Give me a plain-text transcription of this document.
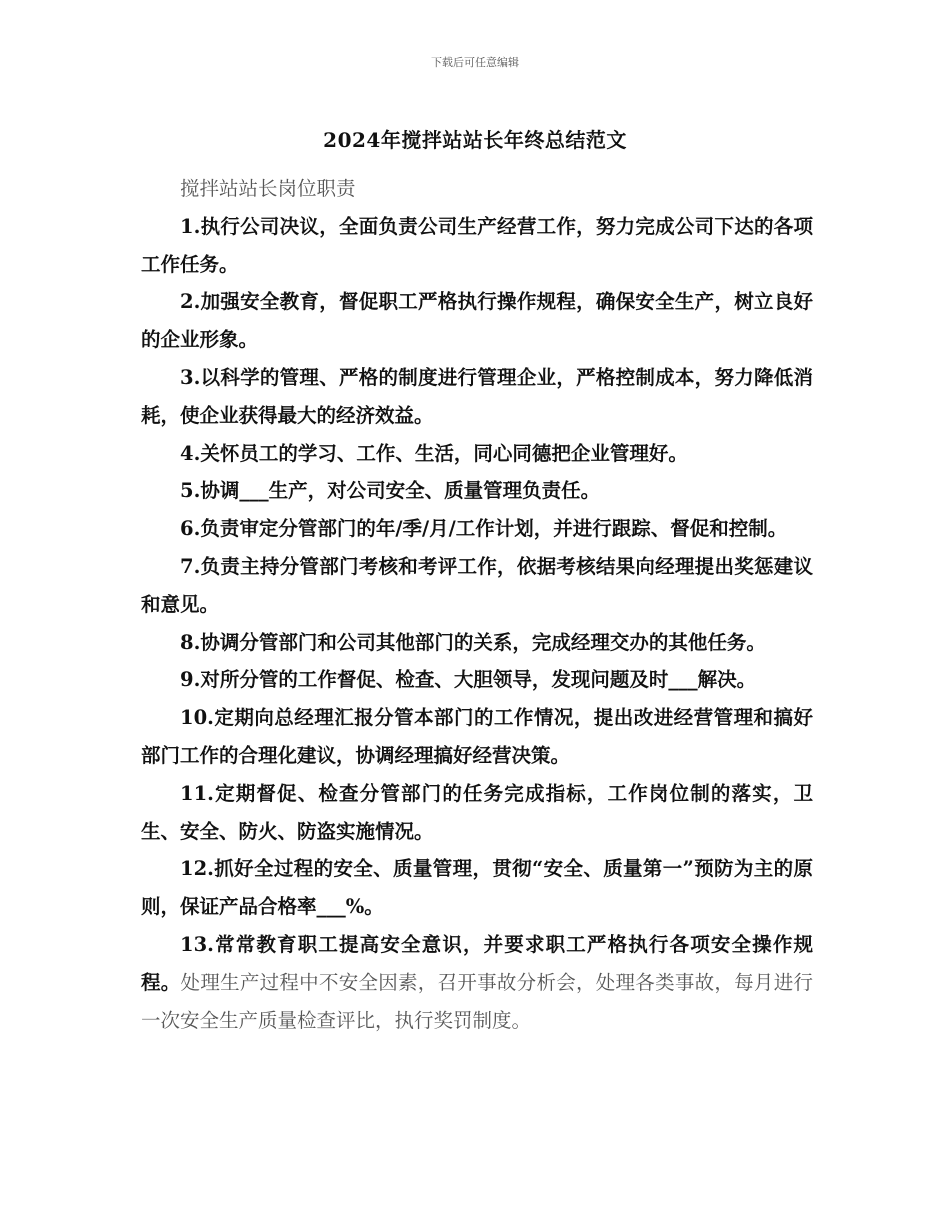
下载后可任意编辑
2024年搅拌站站长年终总结范文

搅拌站站长岗位职责

1.执行公司决议，全面负责公司生产经营工作，努力完成公司下达的各项工作任务。

2.加强安全教育，督促职工严格执行操作规程，确保安全生产，树立良好的企业形象。

3.以科学的管理、严格的制度进行管理企业，严格控制成本，努力降低消耗，使企业获得最大的经济效益。

4.关怀员工的学习、工作、生活，同心同德把企业管理好。

5.协调___生产，对公司安全、质量管理负责任。

6.负责审定分管部门的年/季/月/工作计划，并进行跟踪、督促和控制。

7.负责主持分管部门考核和考评工作，依据考核结果向经理提出奖惩建议和意见。

8.协调分管部门和公司其他部门的关系，完成经理交办的其他任务。

9.对所分管的工作督促、检查、大胆领导，发现问题及时___解决。

10.定期向总经理汇报分管本部门的工作情况，提出改进经营管理和搞好部门工作的合理化建议，协调经理搞好经营决策。

11.定期督促、检查分管部门的任务完成指标，工作岗位制的落实，卫生、安全、防火、防盗实施情况。

12.抓好全过程的安全、质量管理，贯彻“安全、质量第一”预防为主的原则，保证产品合格率___%。

13.常常教育职工提高安全意识，并要求职工严格执行各项安全操作规程。处理生产过程中不安全因素，召开事故分析会，处理各类事故，每月进行一次安全生产质量检查评比，执行奖罚制度。
